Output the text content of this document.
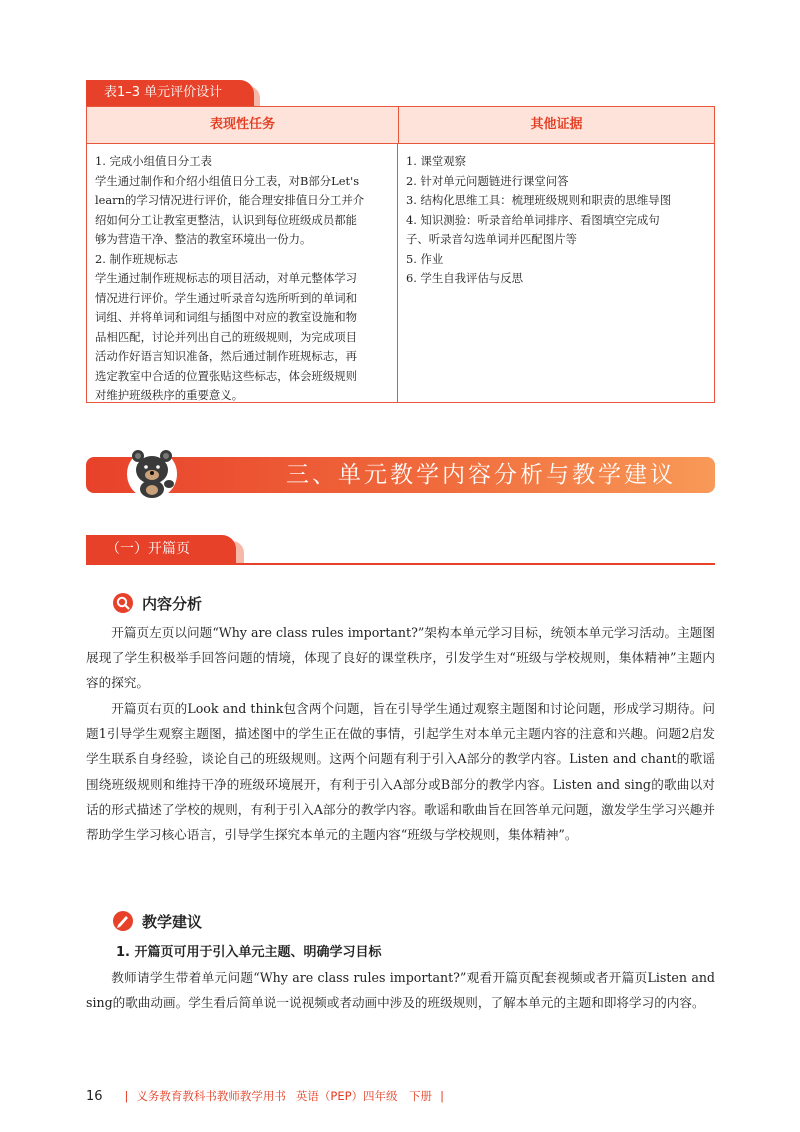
表1–3 单元评价设计
表现性任务	其他证据

1. 完成小组值日分工表

学生通过制作和介绍小组值日分工表，对B部分Let's

learn的学习情况进行评价，能合理安排值日分工并介

绍如何分工让教室更整洁，认识到每位班级成员都能

够为营造干净、整洁的教室环境出一份力。

2. 制作班规标志

学生通过制作班规标志的项目活动，对单元整体学习

情况进行评价。学生通过听录音勾选所听到的单词和

词组、并将单词和词组与插图中对应的教室设施和物

品相匹配，讨论并列出自己的班级规则，为完成项目

活动作好语言知识准备，然后通过制作班规标志，再

选定教室中合适的位置张贴这些标志，体会班级规则

对维护班级秩序的重要意义。

1. 课堂观察

2. 针对单元问题链进行课堂问答

3. 结构化思维工具：梳理班级规则和职责的思维导图

4. 知识测验：听录音给单词排序、看图填空完成句

子、听录音勾选单词并匹配图片等

5. 作业

6. 学生自我评估与反思

三、单元教学内容分析与教学建议
（一）开篇页
内容分析

开篇页左页以问题“Why are class rules important?”架构本单元学习目标，统领本单元学习活动。主题图展现了学生积极举手回答问题的情境，体现了良好的课堂秩序，引发学生对“班级与学校规则，集体精神”主题内容的探究。

开篇页右页的Look and think包含两个问题，旨在引导学生通过观察主题图和讨论问题，形成学习期待。问题1引导学生观察主题图，描述图中的学生正在做的事情，引起学生对本单元主题内容的注意和兴趣。问题2启发学生联系自身经验，谈论自己的班级规则。这两个问题有利于引入A部分的教学内容。Listen and chant的歌谣围绕班级规则和维持干净的班级环境展开，有利于引入A部分或B部分的教学内容。Listen and sing的歌曲以对话的形式描述了学校的规则，有利于引入A部分的教学内容。歌谣和歌曲旨在回答单元问题，激发学生学习兴趣并帮助学生学习核心语言，引导学生探究本单元的主题内容“班级与学校规则，集体精神”。

教学建议
1. 开篇页可用于引入单元主题、明确学习目标

教师请学生带着单元问题“Why are class rules important?”观看开篇页配套视频或者开篇页Listen and sing的歌曲动画。学生看后简单说一说视频或者动画中涉及的班级规则，了解本单元的主题和即将学习的内容。

16 | 义务教育教科书教师教学用书 英语（PEP）四年级　下册 |
